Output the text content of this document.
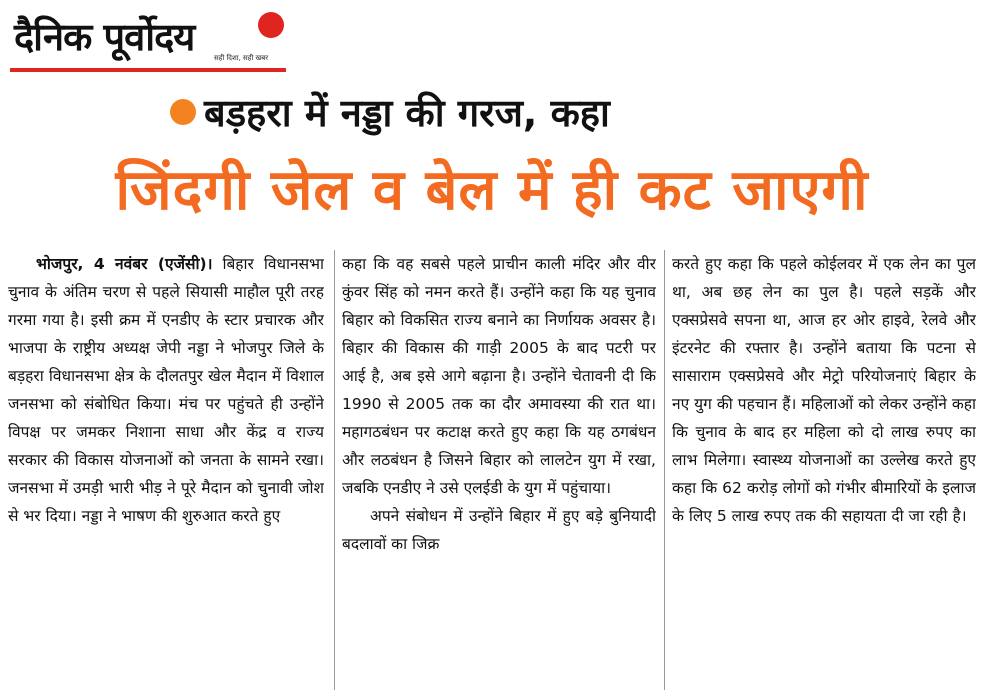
दैनिक पूर्वोदय	सही दिशा, सही खबर
बड़हरा में नड्डा की गरज, कहा
जिंदगी जेल व बेल में ही कट जाएगी
भोजपुर, 4 नवंबर (एजेंसी)। बिहार विधानसभा चुनाव के अंतिम चरण से पहले सियासी माहौल पूरी तरह गरमा गया है। इसी क्रम में एनडीए के स्टार प्रचारक और भाजपा के राष्ट्रीय अध्यक्ष जेपी नड्डा ने भोजपुर जिले के बड़हरा विधानसभा क्षेत्र के दौलतपुर खेल मैदान में विशाल जनसभा को संबोधित किया। मंच पर पहुंचते ही उन्होंने विपक्ष पर जमकर निशाना साधा और केंद्र व राज्य सरकार की विकास योजनाओं को जनता के सामने रखा। जनसभा में उमड़ी भारी भीड़ ने पूरे मैदान को चुनावी जोश से भर दिया। नड्डा ने भाषण की शुरुआत करते हुए
कहा कि वह सबसे पहले प्राचीन काली मंदिर और वीर कुंवर सिंह को नमन करते हैं। उन्होंने कहा कि यह चुनाव बिहार को विकसित राज्य बनाने का निर्णायक अवसर है। बिहार की विकास की गाड़ी 2005 के बाद पटरी पर आई है, अब इसे आगे बढ़ाना है। उन्होंने चेतावनी दी कि 1990 से 2005 तक का दौर अमावस्या की रात था। महागठबंधन पर कटाक्ष करते हुए कहा कि यह ठगबंधन और लठबंधन है जिसने बिहार को लालटेन युग में रखा, जबकि एनडीए ने उसे एलईडी के युग में पहुंचाया।
अपने संबोधन में उन्होंने बिहार में हुए बड़े बुनियादी बदलावों का जिक्र
करते हुए कहा कि पहले कोईलवर में एक लेन का पुल था, अब छह लेन का पुल है। पहले सड़कें और एक्सप्रेसवे सपना था, आज हर ओर हाइवे, रेलवे और इंटरनेट की रफ्तार है। उन्होंने बताया कि पटना से सासाराम एक्सप्रेसवे और मेट्रो परियोजनाएं बिहार के नए युग की पहचान हैं। महिलाओं को लेकर उन्होंने कहा कि चुनाव के बाद हर महिला को दो लाख रुपए का लाभ मिलेगा। स्वास्थ्य योजनाओं का उल्लेख करते हुए कहा कि 62 करोड़ लोगों को गंभीर बीमारियों के इलाज के लिए 5 लाख रुपए तक की सहायता दी जा रही है।
